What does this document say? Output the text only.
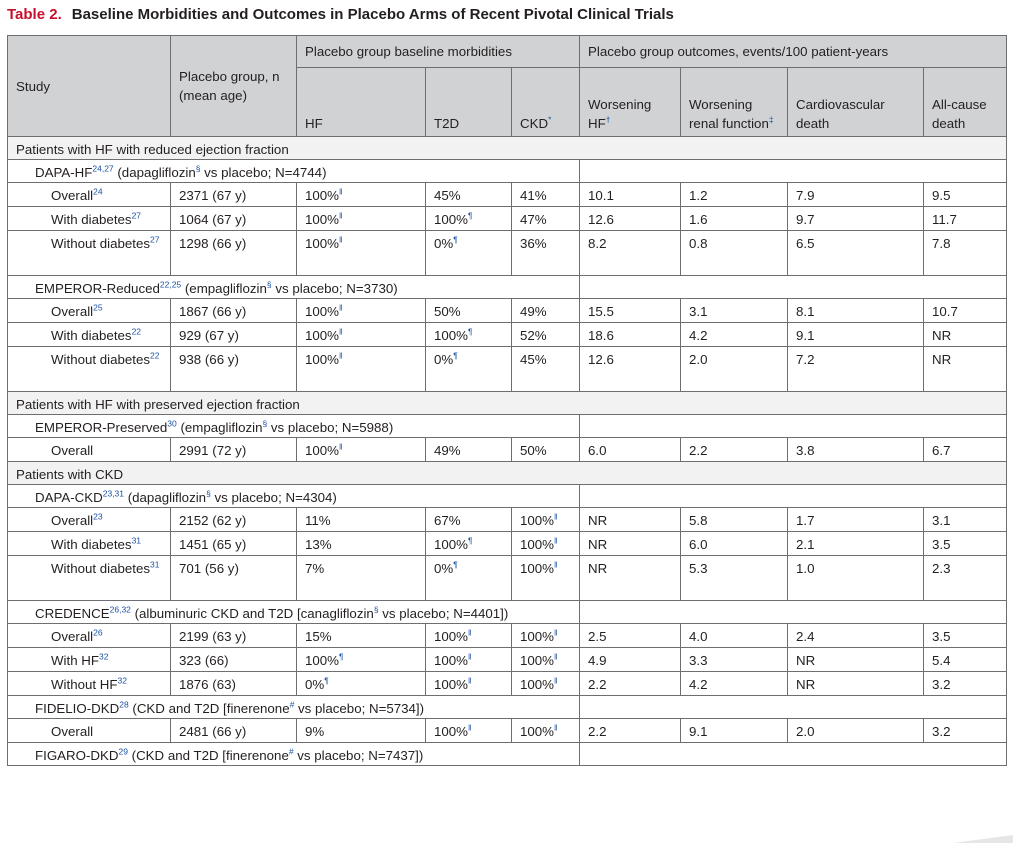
Table 2. Baseline Morbidities and Outcomes in Placebo Arms of Recent Pivotal Clinical Trials
Study	Placebo group, n (mean age)	Placebo group baseline morbidities			Placebo group outcomes, events/100 patient-years			
		HF	T2D	CKD*	Worsening HF†	Worsening renal function‡	Cardiovascular death	All-cause death
Patients with HF with reduced ejection fraction								
DAPA-HF$^{24,27}$ (dapagliflozin§ vs placebo; N=4744)								
Overall$^{24}$	2371 (67 y)	100%‖	45%	41%	10.1	1.2	7.9	9.5
With diabetes$^{27}$	1064 (67 y)	100%‖	100%¶	47%	12.6	1.6	9.7	11.7
Without diabetes$^{27}$	1298 (66 y)	100%‖	0%¶	36%	8.2	0.8	6.5	7.8
EMPEROR-Reduced$^{22,25}$ (empagliflozin§ vs placebo; N=3730)								
Overall$^{25}$	1867 (66 y)	100%‖	50%	49%	15.5	3.1	8.1	10.7
With diabetes$^{22}$	929 (67 y)	100%‖	100%¶	52%	18.6	4.2	9.1	NR
Without diabetes$^{22}$	938 (66 y)	100%‖	0%¶	45%	12.6	2.0	7.2	NR
Patients with HF with preserved ejection fraction								
EMPEROR-Preserved$^{30}$ (empagliflozin§ vs placebo; N=5988)								
Overall	2991 (72 y)	100%‖	49%	50%	6.0	2.2	3.8	6.7
Patients with CKD								
DAPA-CKD$^{23,31}$ (dapagliflozin§ vs placebo; N=4304)								
Overall$^{23}$	2152 (62 y)	11%	67%	100%‖	NR	5.8	1.7	3.1
With diabetes$^{31}$	1451 (65 y)	13%	100%¶	100%‖	NR	6.0	2.1	3.5
Without diabetes$^{31}$	701 (56 y)	7%	0%¶	100%‖	NR	5.3	1.0	2.3
CREDENCE$^{26,32}$ (albuminuric CKD and T2D [canagliflozin§ vs placebo; N=4401])								
Overall$^{26}$	2199 (63 y)	15%	100%‖	100%‖	2.5	4.0	2.4	3.5
With HF$^{32}$	323 (66)	100%¶	100%‖	100%‖	4.9	3.3	NR	5.4
Without HF$^{32}$	1876 (63)	0%¶	100%‖	100%‖	2.2	4.2	NR	3.2
FIDELIO-DKD$^{28}$ (CKD and T2D [finerenone# vs placebo; N=5734])								
Overall	2481 (66 y)	9%	100%‖	100%‖	2.2	9.1	2.0	3.2
FIGARO-DKD$^{29}$ (CKD and T2D [finerenone# vs placebo; N=7437])								
